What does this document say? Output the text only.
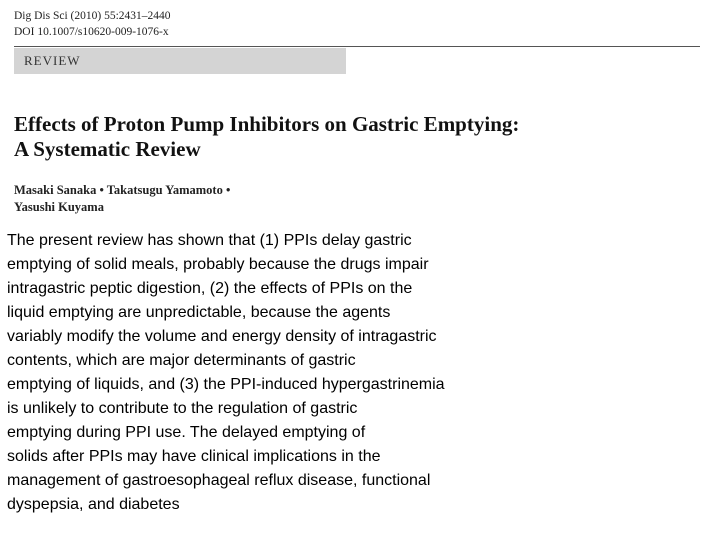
Dig Dis Sci (2010) 55:2431–2440
DOI 10.1007/s10620-009-1076-x
REVIEW
Effects of Proton Pump Inhibitors on Gastric Emptying:
A Systematic Review
Masaki Sanaka • Takatsugu Yamamoto •
Yasushi Kuyama
The present review has shown that (1) PPIs delay gastric
emptying of solid meals, probably because the drugs impair
intragastric peptic digestion, (2) the effects of PPIs on the
liquid emptying are unpredictable, because the agents
variably modify the volume and energy density of intragastric
contents, which are major determinants of gastric
emptying of liquids, and (3) the PPI-induced hypergastrinemia
is unlikely to contribute to the regulation of gastric
emptying during PPI use. The delayed emptying of
solids after PPIs may have clinical implications in the
management of gastroesophageal reflux disease, functional
dyspepsia, and diabetes
